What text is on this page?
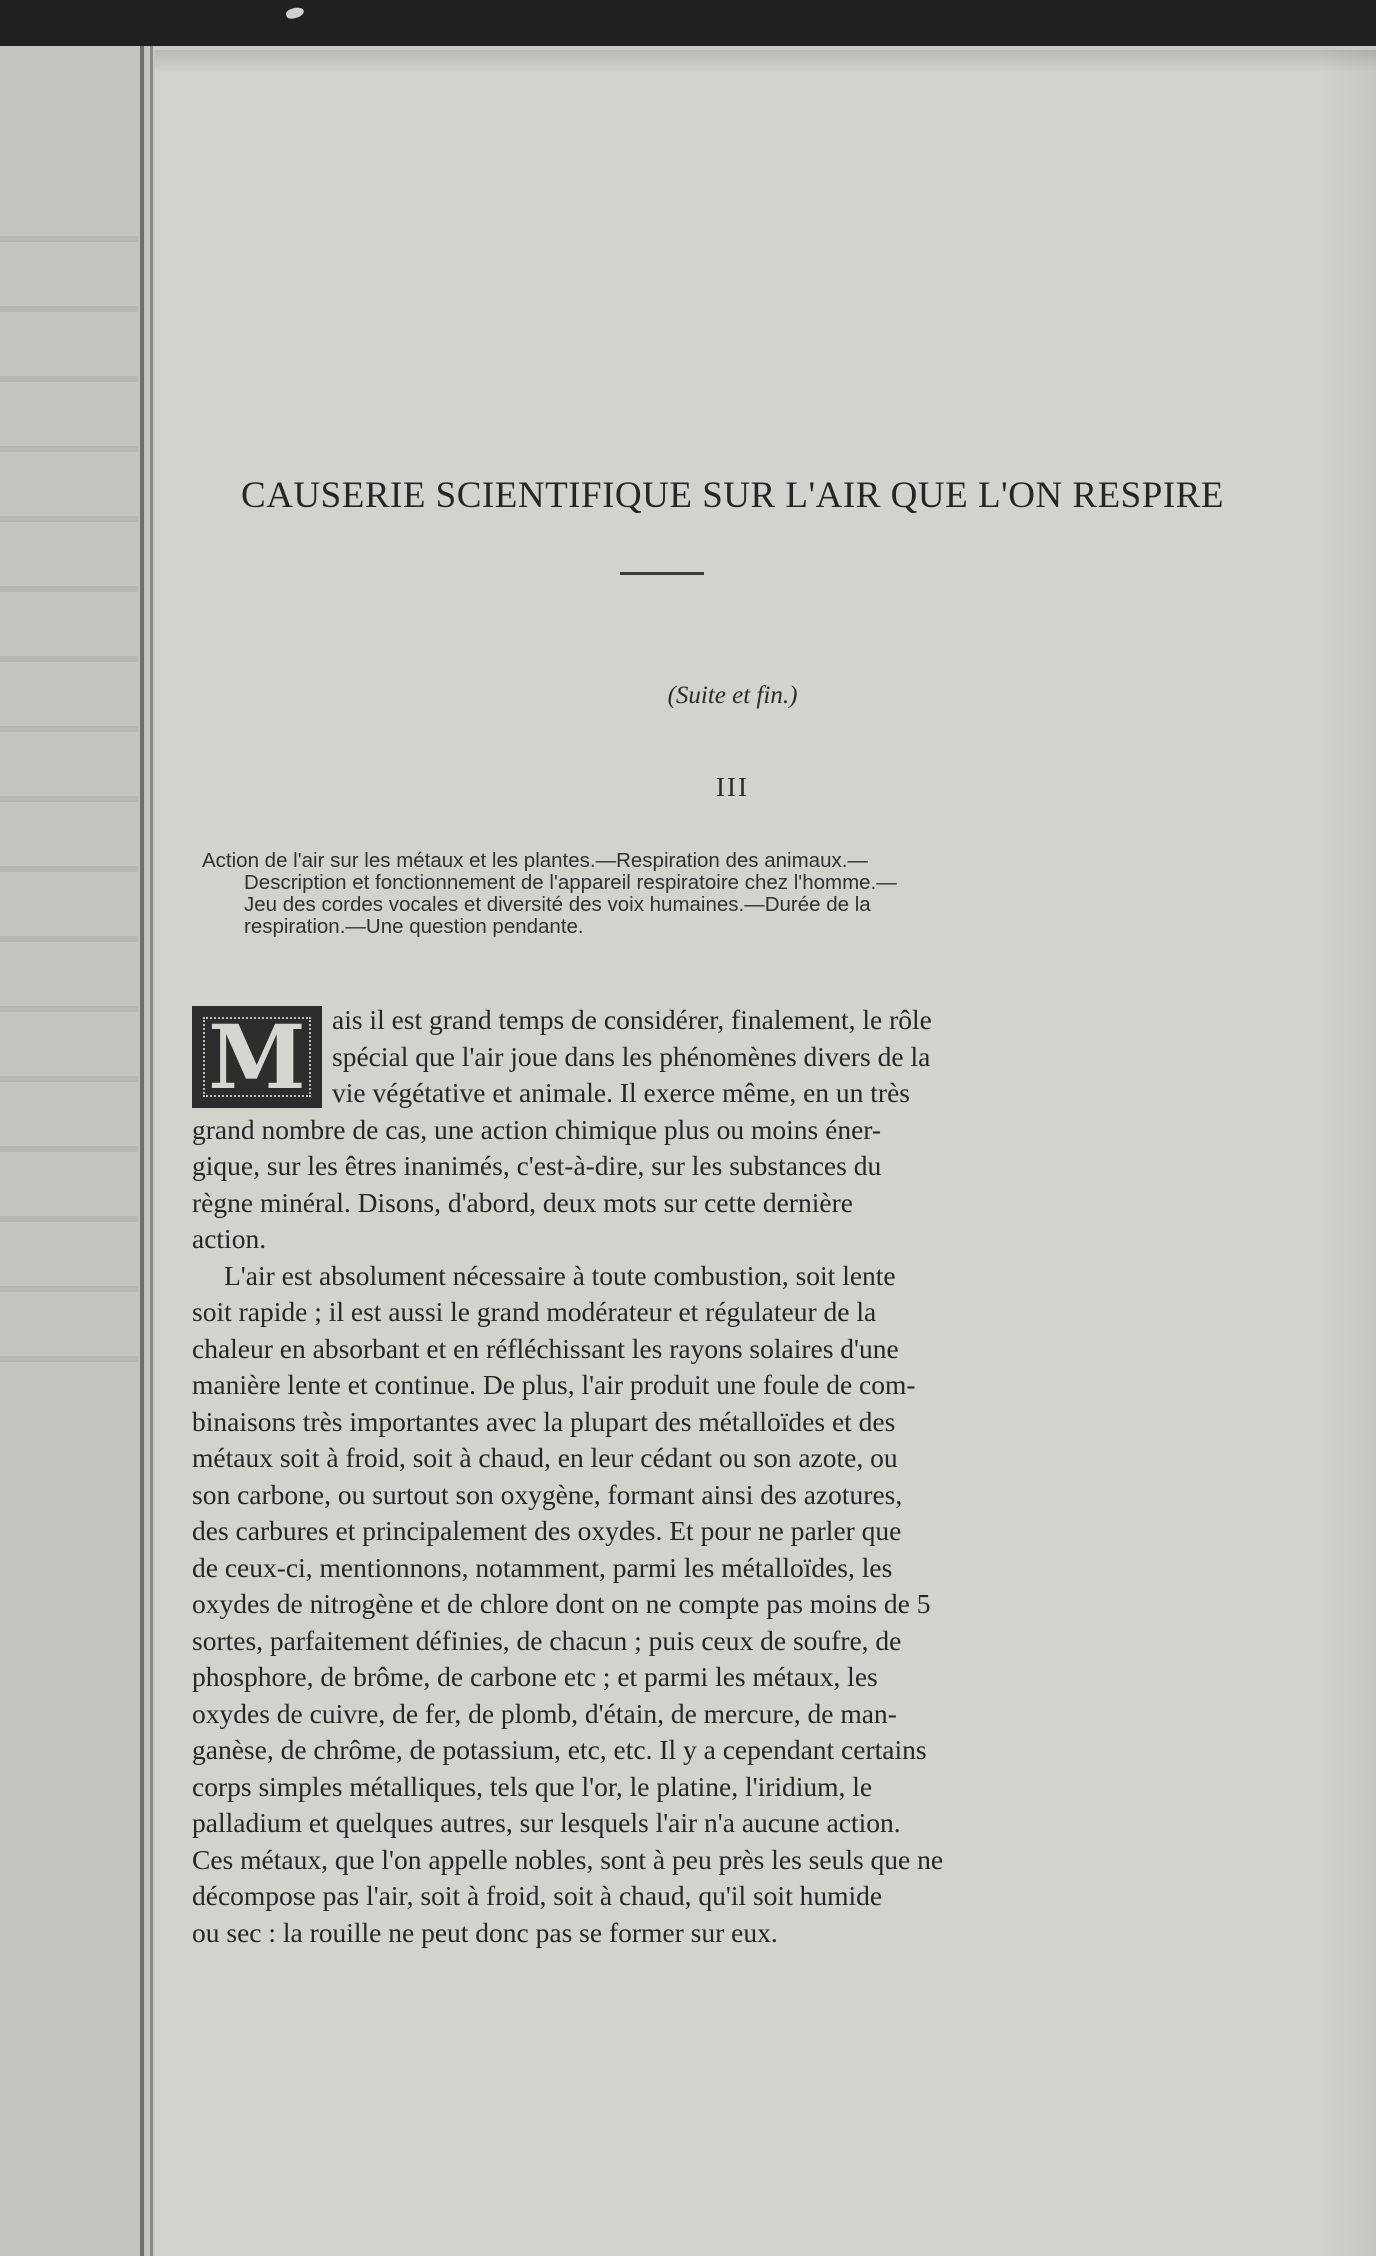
CAUSERIE SCIENTIFIQUE SUR L'AIR QUE L'ON RESPIRE
(Suite et fin.)
III
Action de l'air sur les métaux et les plantes.—Respiration des animaux.—
Description et fonctionnement de l'appareil respiratoire chez l'homme.—
Jeu des cordes vocales et diversité des voix humaines.—Durée de la
respiration.—Une question pendante.
M ais il est grand temps de considérer, finalement, le rôle
spécial que l'air joue dans les phénomènes divers de la
vie végétative et animale. Il exerce même, en un très
grand nombre de cas, une action chimique plus ou moins éner-
gique, sur les êtres inanimés, c'est-à-dire, sur les substances du
règne minéral. Disons, d'abord, deux mots sur cette dernière
action.
L'air est absolument nécessaire à toute combustion, soit lente
soit rapide ; il est aussi le grand modérateur et régulateur de la
chaleur en absorbant et en réfléchissant les rayons solaires d'une
manière lente et continue. De plus, l'air produit une foule de com-
binaisons très importantes avec la plupart des métalloïdes et des
métaux soit à froid, soit à chaud, en leur cédant ou son azote, ou
son carbone, ou surtout son oxygène, formant ainsi des azotures,
des carbures et principalement des oxydes. Et pour ne parler que
de ceux-ci, mentionnons, notamment, parmi les métalloïdes, les
oxydes de nitrogène et de chlore dont on ne compte pas moins de 5
sortes, parfaitement définies, de chacun ; puis ceux de soufre, de
phosphore, de brôme, de carbone etc ; et parmi les métaux, les
oxydes de cuivre, de fer, de plomb, d'étain, de mercure, de man-
ganèse, de chrôme, de potassium, etc, etc. Il y a cependant certains
corps simples métalliques, tels que l'or, le platine, l'iridium, le
palladium et quelques autres, sur lesquels l'air n'a aucune action.
Ces métaux, que l'on appelle nobles, sont à peu près les seuls que ne
décompose pas l'air, soit à froid, soit à chaud, qu'il soit humide
ou sec : la rouille ne peut donc pas se former sur eux.
